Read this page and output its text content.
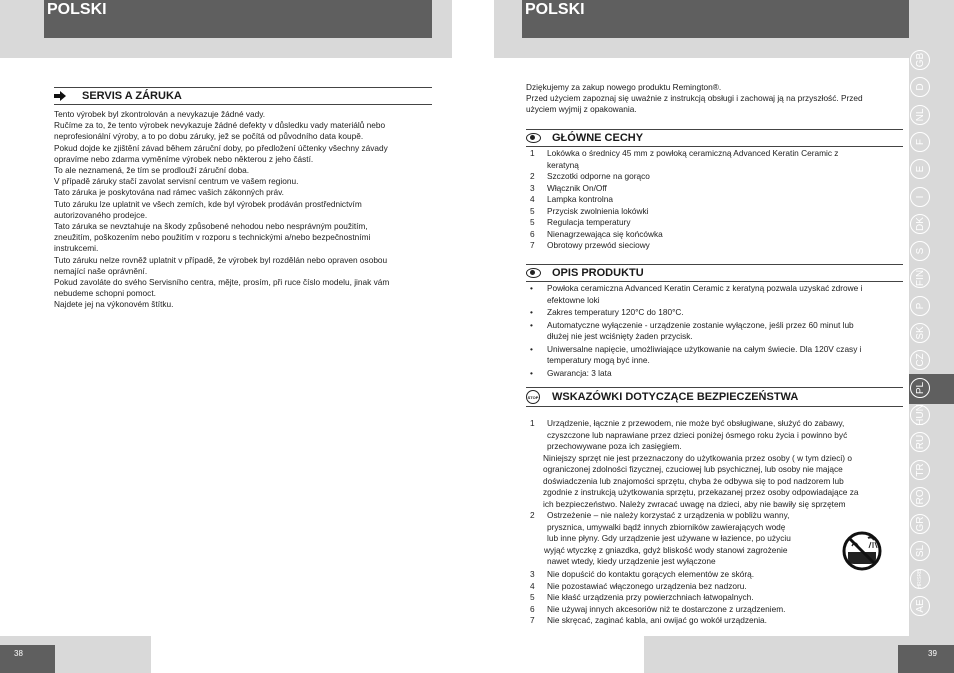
POLSKI	POLSKI
38	39
GB
D
NL
F
E
I
DK
S
FIN
P
SK
CZ
PL
HUN
RU
TR
RO
GR
SL
HR/SRB
AE
SERVIS A ZÁRUKA
Tento výrobek byl zkontrolován a nevykazuje žádné vady.
Ručíme za to, že tento výrobek nevykazuje žádné defekty v důsledku vady materiálů nebo
neprofesionální výroby, a to po dobu záruky, jež se počítá od původního data koupě.
Pokud dojde ke zjištění závad během záruční doby, po předložení účtenky všechny závady
opravíme nebo zdarma vyměníme výrobek nebo některou z jeho částí.
To ale neznamená, že tím se prodlouží záruční doba.
V případě záruky stačí zavolat servisní centrum ve vašem regionu.
Tato záruka je poskytována nad rámec vašich zákonných práv.
Tuto záruku lze uplatnit ve všech zemích, kde byl výrobek prodáván prostřednictvím
autorizovaného prodejce.
Tato záruka se nevztahuje na škody způsobené nehodou nebo nesprávným použitím,
zneužitím, poškozením nebo použitím v rozporu s technickými a/nebo bezpečnostními
instrukcemi.
Tuto záruku nelze rovněž uplatnit v případě, že výrobek byl rozdělán nebo opraven osobou
nemající naše oprávnění.
Pokud zavoláte do svého Servisního centra, mějte, prosím, při ruce číslo modelu, jinak vám
nebudeme schopni pomoct.
Najdete jej na výkonovém štítku.
Dziękujemy za zakup nowego produktu Remington®.
Przed użyciem zapoznaj się uważnie z instrukcją obsługi i zachowaj ją na przyszłość. Przed
użyciem wyjmij z opakowania.
GŁÓWNE CECHY
1	Lokówka o średnicy 45 mm z powłoką ceramiczną Advanced Keratin Ceramic z
keratyną
2	Szczotki odporne na gorąco
3	Włącznik On/Off
4	Lampka kontrolna
5	Przycisk zwolnienia lokówki
5	Regulacja temperatury
6	Nienagrzewająca się końcówka
7	Obrotowy przewód sieciowy
OPIS PRODUKTU
•	Powłoka ceramiczna Advanced Keratin Ceramic z keratyną pozwala uzyskać zdrowe i
efektowne loki
•	Zakres temperatury 120°C do 180°C.
•	Automatyczne wyłączenie - urządzenie zostanie wyłączone, jeśli przez 60 minut lub
dłużej nie jest wciśnięty żaden przycisk.
•	Uniwersalne napięcie, umożliwiające użytkowanie na całym świecie. Dla 120V czasy i
temperatury mogą być inne.
•	Gwarancja: 3 lata
STOP WSKAZÓWKI DOTYCZĄCE BEZPIECZEŃSTWA
1	Urządzenie, łącznie z przewodem, nie może być obsługiwane, służyć do zabawy,
czyszczone lub naprawiane przez dzieci poniżej ósmego roku życia i powinno być
przechowywane poza ich zasięgiem.
Niniejszy sprzęt nie jest przeznaczony do użytkowania przez osoby ( w tym dzieci) o
ograniczonej zdolności fizycznej, czuciowej lub psychicznej, lub osoby nie mające
doświadczenia lub znajomości sprzętu, chyba że odbywa się to pod nadzorem lub
zgodnie z instrukcją użytkowania sprzętu, przekazanej przez osoby odpowiadające za
ich bezpieczeństwo. Należy zwracać uwagę na dzieci, aby nie bawiły się sprzętem
2	Ostrzeżenie – nie należy korzystać z urządzenia w pobliżu wanny,
prysznica, umywalki bądź innych zbiorników zawierających wodę
lub inne płyny. Gdy urządzenie jest używane w łazience, po użyciu
wyjąć wtyczkę z gniazdka, gdyż bliskość wody stanowi zagrożenie
nawet wtedy, kiedy urządzenie jest wyłączone
3	Nie dopuścić do kontaktu gorących elementów ze skórą.
4	Nie pozostawiać włączonego urządzenia bez nadzoru.
5	Nie kłaść urządzenia przy powierzchniach łatwopalnych.
6	Nie używaj innych akcesoriów niż te dostarczone z urządzeniem.
7	Nie skręcać, zaginać kabla, ani owijać go wokół urządzenia.
